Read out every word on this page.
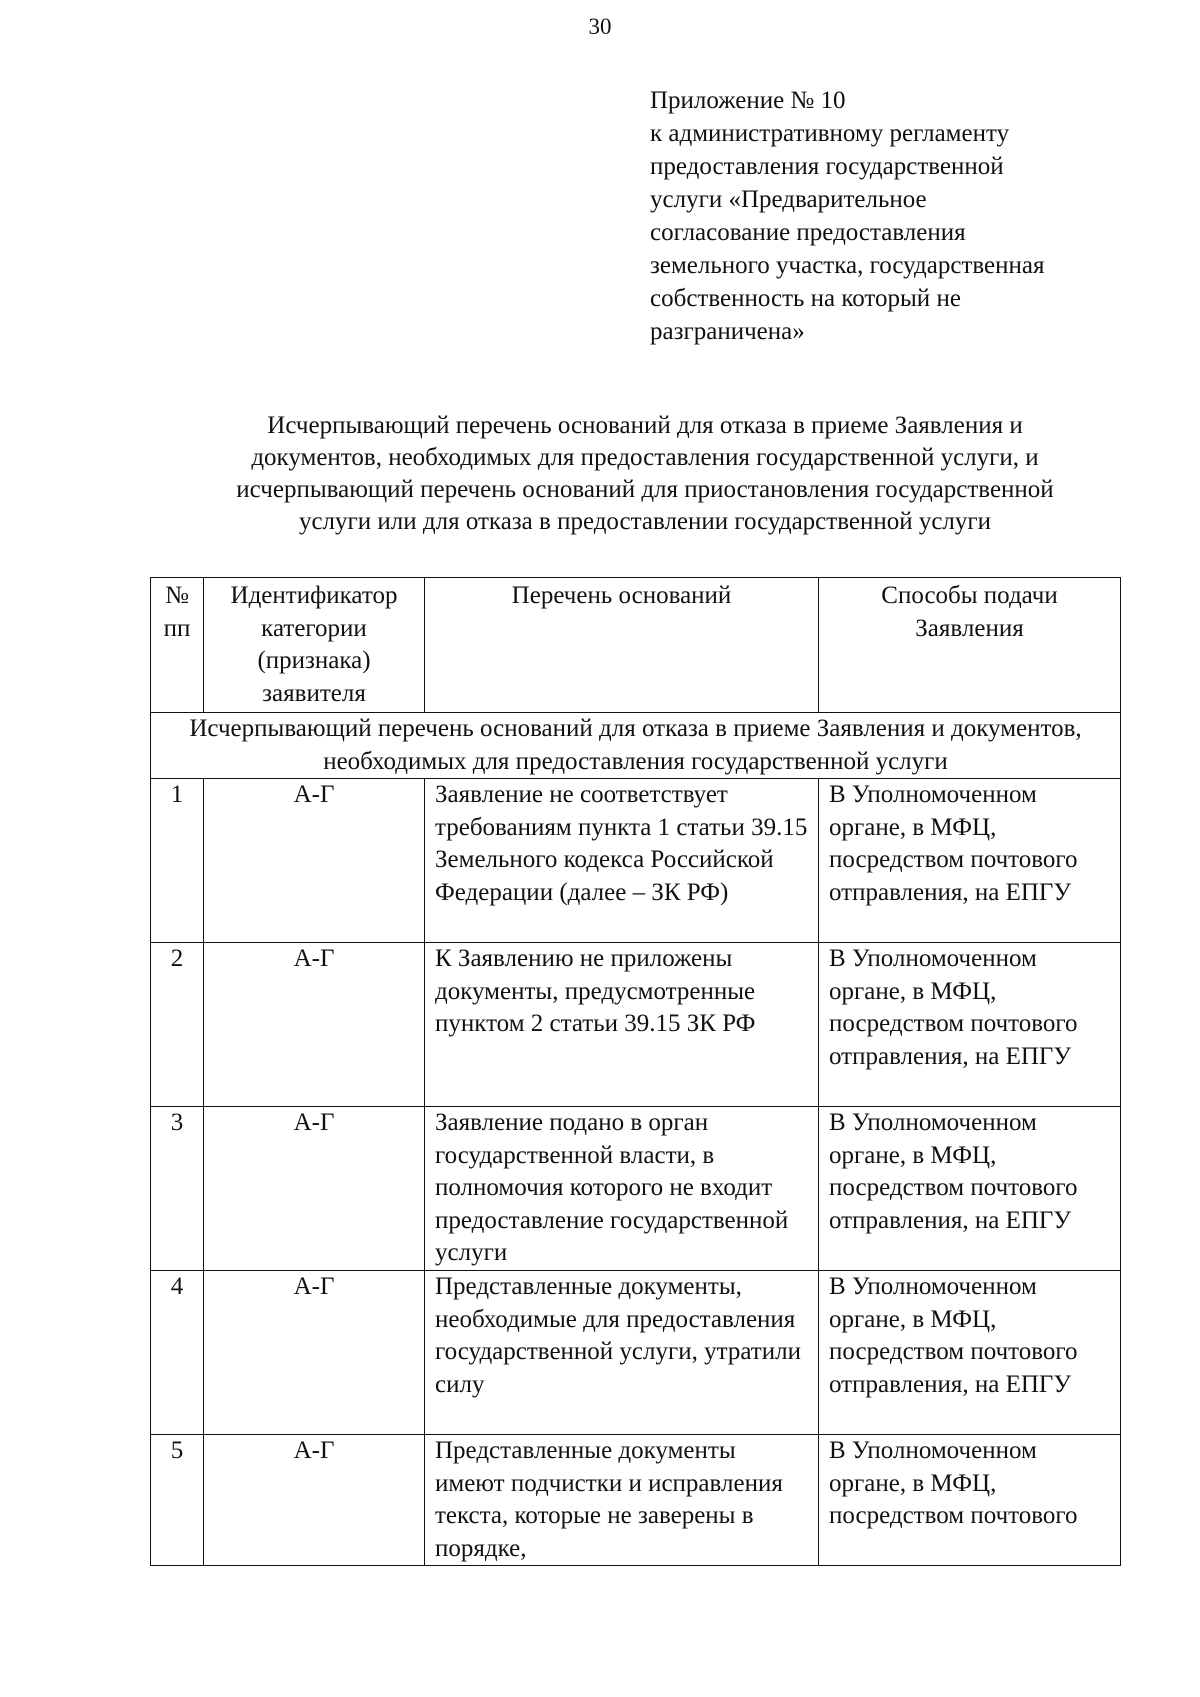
30
Приложение № 10
к административному регламенту
предоставления государственной
услуги «Предварительное
согласование предоставления
земельного участка, государственная
собственность на который не
разграничена»
Исчерпывающий перечень оснований для отказа в приеме Заявления и
документов, необходимых для предоставления государственной услуги, и
исчерпывающий перечень оснований для приостановления государственной
услуги или для отказа в предоставлении государственной услуги
№ пп	Идентификатор категории (признака) заявителя	Перечень оснований	Способы подачи Заявления
Исчерпывающий перечень оснований для отказа в приеме Заявления и документов, необходимых для предоставления государственной услуги			
1	А-Г	Заявление не соответствует требованиям пункта 1 статьи 39.15 Земельного кодекса Российской Федерации (далее – ЗК РФ)	В Уполномоченном органе, в МФЦ, посредством почтового отправления, на ЕПГУ
2	А-Г	К Заявлению не приложены документы, предусмотренные пунктом 2 статьи 39.15 ЗК РФ	В Уполномоченном органе, в МФЦ, посредством почтового отправления, на ЕПГУ
3	А-Г	Заявление подано в орган государственной власти, в полномочия которого не входит предоставление государственной услуги	В Уполномоченном органе, в МФЦ, посредством почтового отправления, на ЕПГУ
4	А-Г	Представленные документы, необходимые для предоставления государственной услуги, утратили силу	В Уполномоченном органе, в МФЦ, посредством почтового отправления, на ЕПГУ
5	А-Г	Представленные документы имеют подчистки и исправления текста, которые не заверены в порядке,	В Уполномоченном органе, в МФЦ, посредством почтового
